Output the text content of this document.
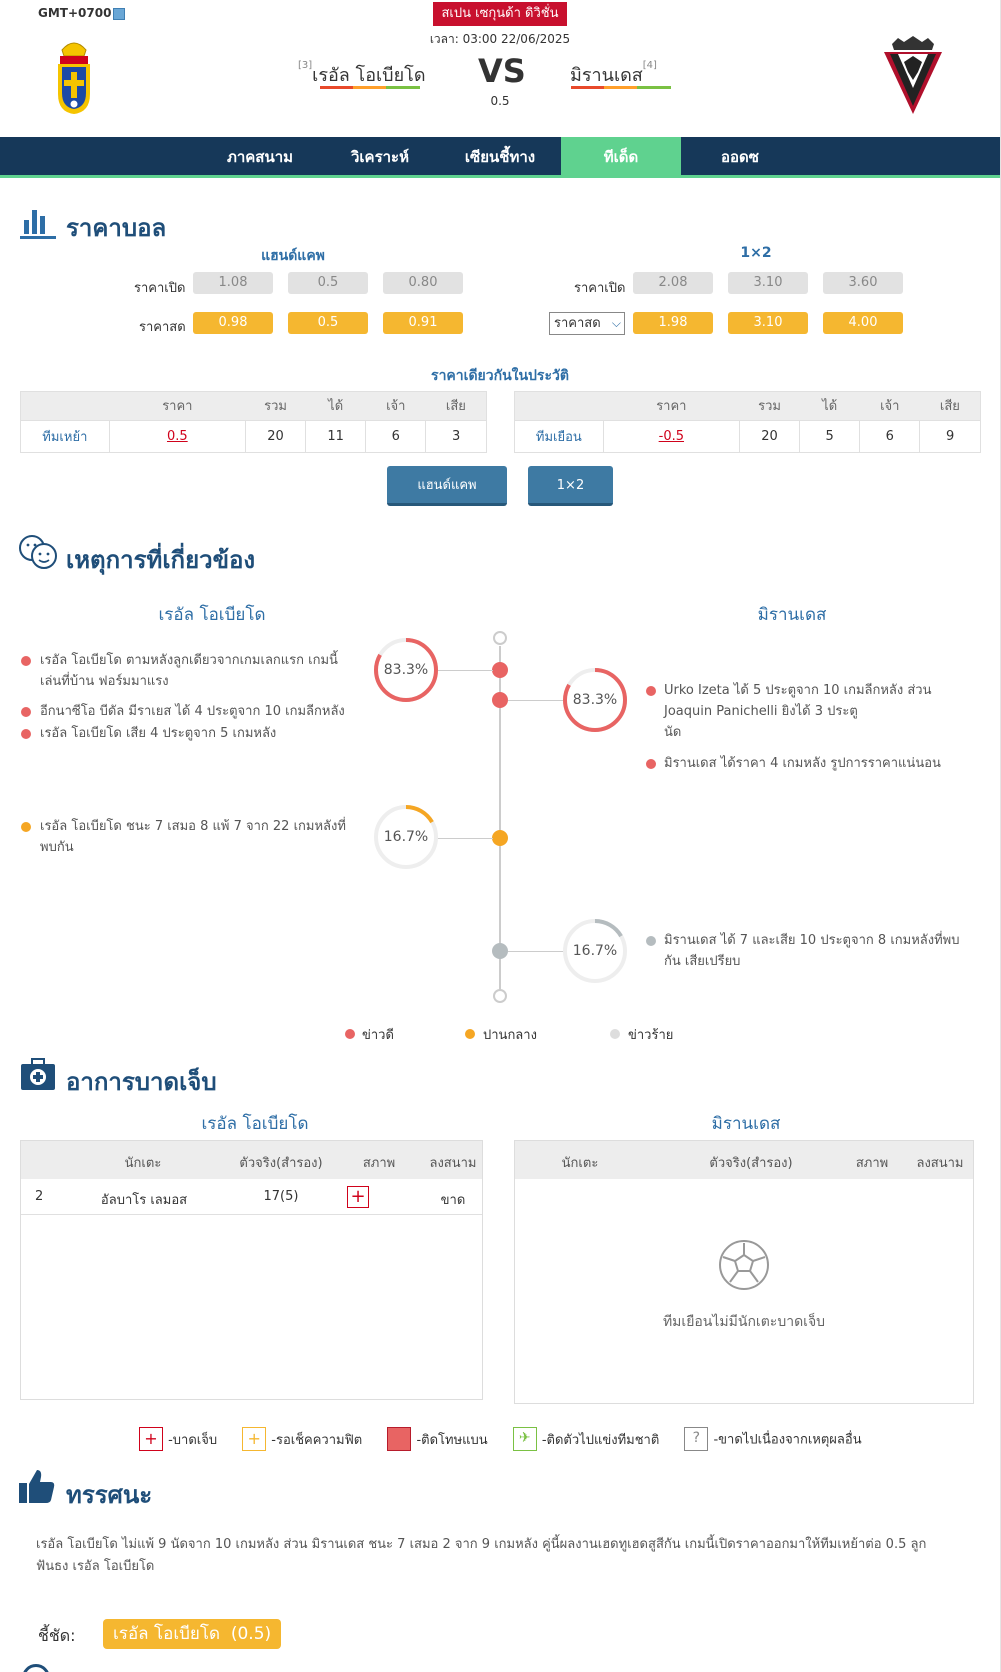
GMT+0700	สเปน เซกุนด้า ดิวิชั่น
เวลา: 03:00 22/06/2025
[3]เรอัล โอเบียโด VS
0.5
มิรานเดส[4]
ภาคสนาม	วิเคราะห์	เซียนชี้ทาง	ทีเด็ด	ออดซ
ราคาบอล
แฮนด์แคพ	1×2
ราคาเปิด	1.08	0.5	0.80
ราคาสด	0.98	0.5	0.91
ราคาเปิด	2.08	3.10	3.60
ราคาสด ⌵	1.98	3.10	4.00
ราคาเดียวกันในประวัติ
	ราคา	รวม	ได้	เจ้า	เสีย
ทีมเหย้า	0.5	20	11	6	3
	ราคา	รวม	ได้	เจ้า	เสีย
ทีมเยือน	-0.5	20	5	6	9
แฮนด์แคพ	1×2
เหตุการที่เกี่ยวข้อง
เรอัล โอเบียโด	มิรานเดส
83.3%
83.3%
16.7%
16.7%
เรอัล โอเบียโด ตามหลังลูกเดียวจากเกมเลกแรก เกมนี้
เล่นที่บ้าน ฟอร์มมาแรง
อีกนาซีโอ บีดัล มีราเยส ได้ 4 ประตูจาก 10 เกมลีกหลัง
เรอัล โอเบียโด เสีย 4 ประตูจาก 5 เกมหลัง
เรอัล โอเบียโด ชนะ 7 เสมอ 8 แพ้ 7 จาก 22 เกมหลังที่
พบกัน
Urko Izeta ได้ 5 ประตูจาก 10 เกมลีกหลัง ส่วน
Joaquin Panichelli ยิงได้ 3 ประตู
นัด
มิรานเดส ได้ราคา 4 เกมหลัง รูปการราคาแน่นอน
มิรานเดส ได้ 7 และเสีย 10 ประตูจาก 8 เกมหลังที่พบ
กัน เสียเปรียบ
ข่าวดี	ปานกลาง	ข่าวร้าย
อาการบาดเจ็บ
เรอัล โอเบียโด	มิรานเดส
นักเตะ	ตัวจริง(สำรอง)	สภาพ	ลงสนาม
2	อัลบาโร เลมอส	17(5)	+	ขาด
นักเตะ	ตัวจริง(สำรอง)	สภาพ	ลงสนาม
ทีมเยือนไม่มีนักเตะบาดเจ็บ
+ -บาดเจ็บ + -รอเช็คความฟิต	-ติดโทษแบน ✈ -ติดตัวไปแข่งทีมชาติ ? -ขาดไปเนื่องจากเหตุผลอื่น
ทรรศนะ
เรอัล โอเบียโด ไม่แพ้ 9 นัดจาก 10 เกมหลัง ส่วน มิรานเดส ชนะ 7 เสมอ 2 จาก 9 เกมหลัง คู่นี้ผลงานเฮดทูเฮดสูสีกัน เกมนี้เปิดราคาออกมาให้ทีมเหย้าต่อ 0.5 ลูก
ฟันธง เรอัล โอเบียโด
ชี้ชัด:	เรอัล โอเบียโด  (0.5)
